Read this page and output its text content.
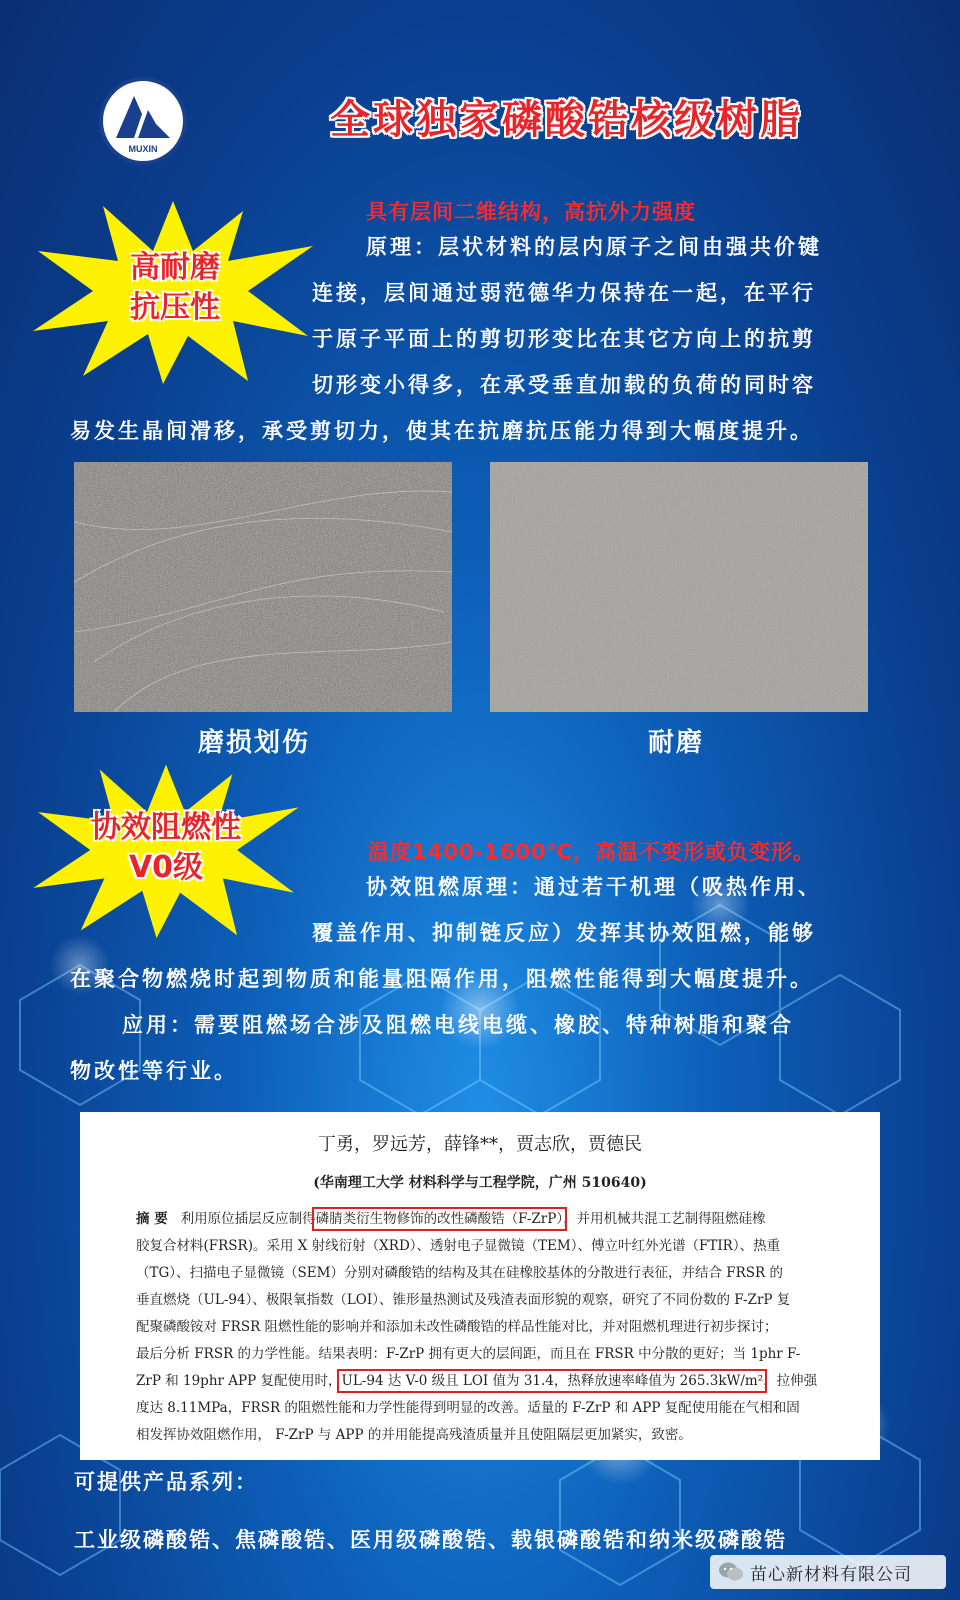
MUXIN
全球独家磷酸锆核级树脂
高耐磨
抗压性
具有层间二维结构，高抗外力强度
原理：层状材料的层内原子之间由强共价键
连接，层间通过弱范德华力保持在一起，在平行
于原子平面上的剪切形变比在其它方向上的抗剪
切形变小得多，在承受垂直加载的负荷的同时容
易发生晶间滑移，承受剪切力，使其在抗磨抗压能力得到大幅度提升。
磨损划伤	耐磨
协效阻燃性
V0级	温度1400-1600℃，高温不变形或负变形。
协效阻燃原理：通过若干机理（吸热作用、
覆盖作用、抑制链反应）发挥其协效阻燃，能够
在聚合物燃烧时起到物质和能量阻隔作用，阻燃性能得到大幅度提升。
应用：需要阻燃场合涉及阻燃电线电缆、橡胶、特种树脂和聚合
物改性等行业。
丁勇，罗远芳，薛锋**，贾志欣，贾德民
(华南理工大学 材料科学与工程学院，广州 510640)
摘 要 利用原位插层反应制得磷腈类衍生物修饰的改性磷酸锆（F-ZrP），并用机械共混工艺制得阻燃硅橡
胶复合材料(FRSR)。采用 X 射线衍射（XRD）、透射电子显微镜（TEM）、傅立叶红外光谱（FTIR）、热重
（TG）、扫描电子显微镜（SEM）分别对磷酸锆的结构及其在硅橡胶基体的分散进行表征，并结合 FRSR 的
垂直燃烧（UL-94）、极限氧指数（LOI）、锥形量热测试及残渣表面形貌的观察，研究了不同份数的 F-ZrP 复
配聚磷酸铵对 FRSR 阻燃性能的影响并和添加未改性磷酸锆的样品性能对比，并对阻燃机理进行初步探讨；
最后分析 FRSR 的力学性能。结果表明：F-ZrP 拥有更大的层间距，而且在 FRSR 中分散的更好；当 1phr F-
ZrP 和 19phr APP 复配使用时，UL-94 达 V-0 级且 LOI 值为 31.4，热释放速率峰值为 265.3kW/m²，拉伸强
度达 8.11MPa，FRSR 的阻燃性能和力学性能得到明显的改善。适量的 F-ZrP 和 APP 复配使用能在气相和固
相发挥协效阻燃作用， F-ZrP 与 APP 的并用能提高残渣质量并且使阻隔层更加紧实，致密。
可提供产品系列：
工业级磷酸锆、焦磷酸锆、医用级磷酸锆、载银磷酸锆和纳米级磷酸锆
苗心新材料有限公司
